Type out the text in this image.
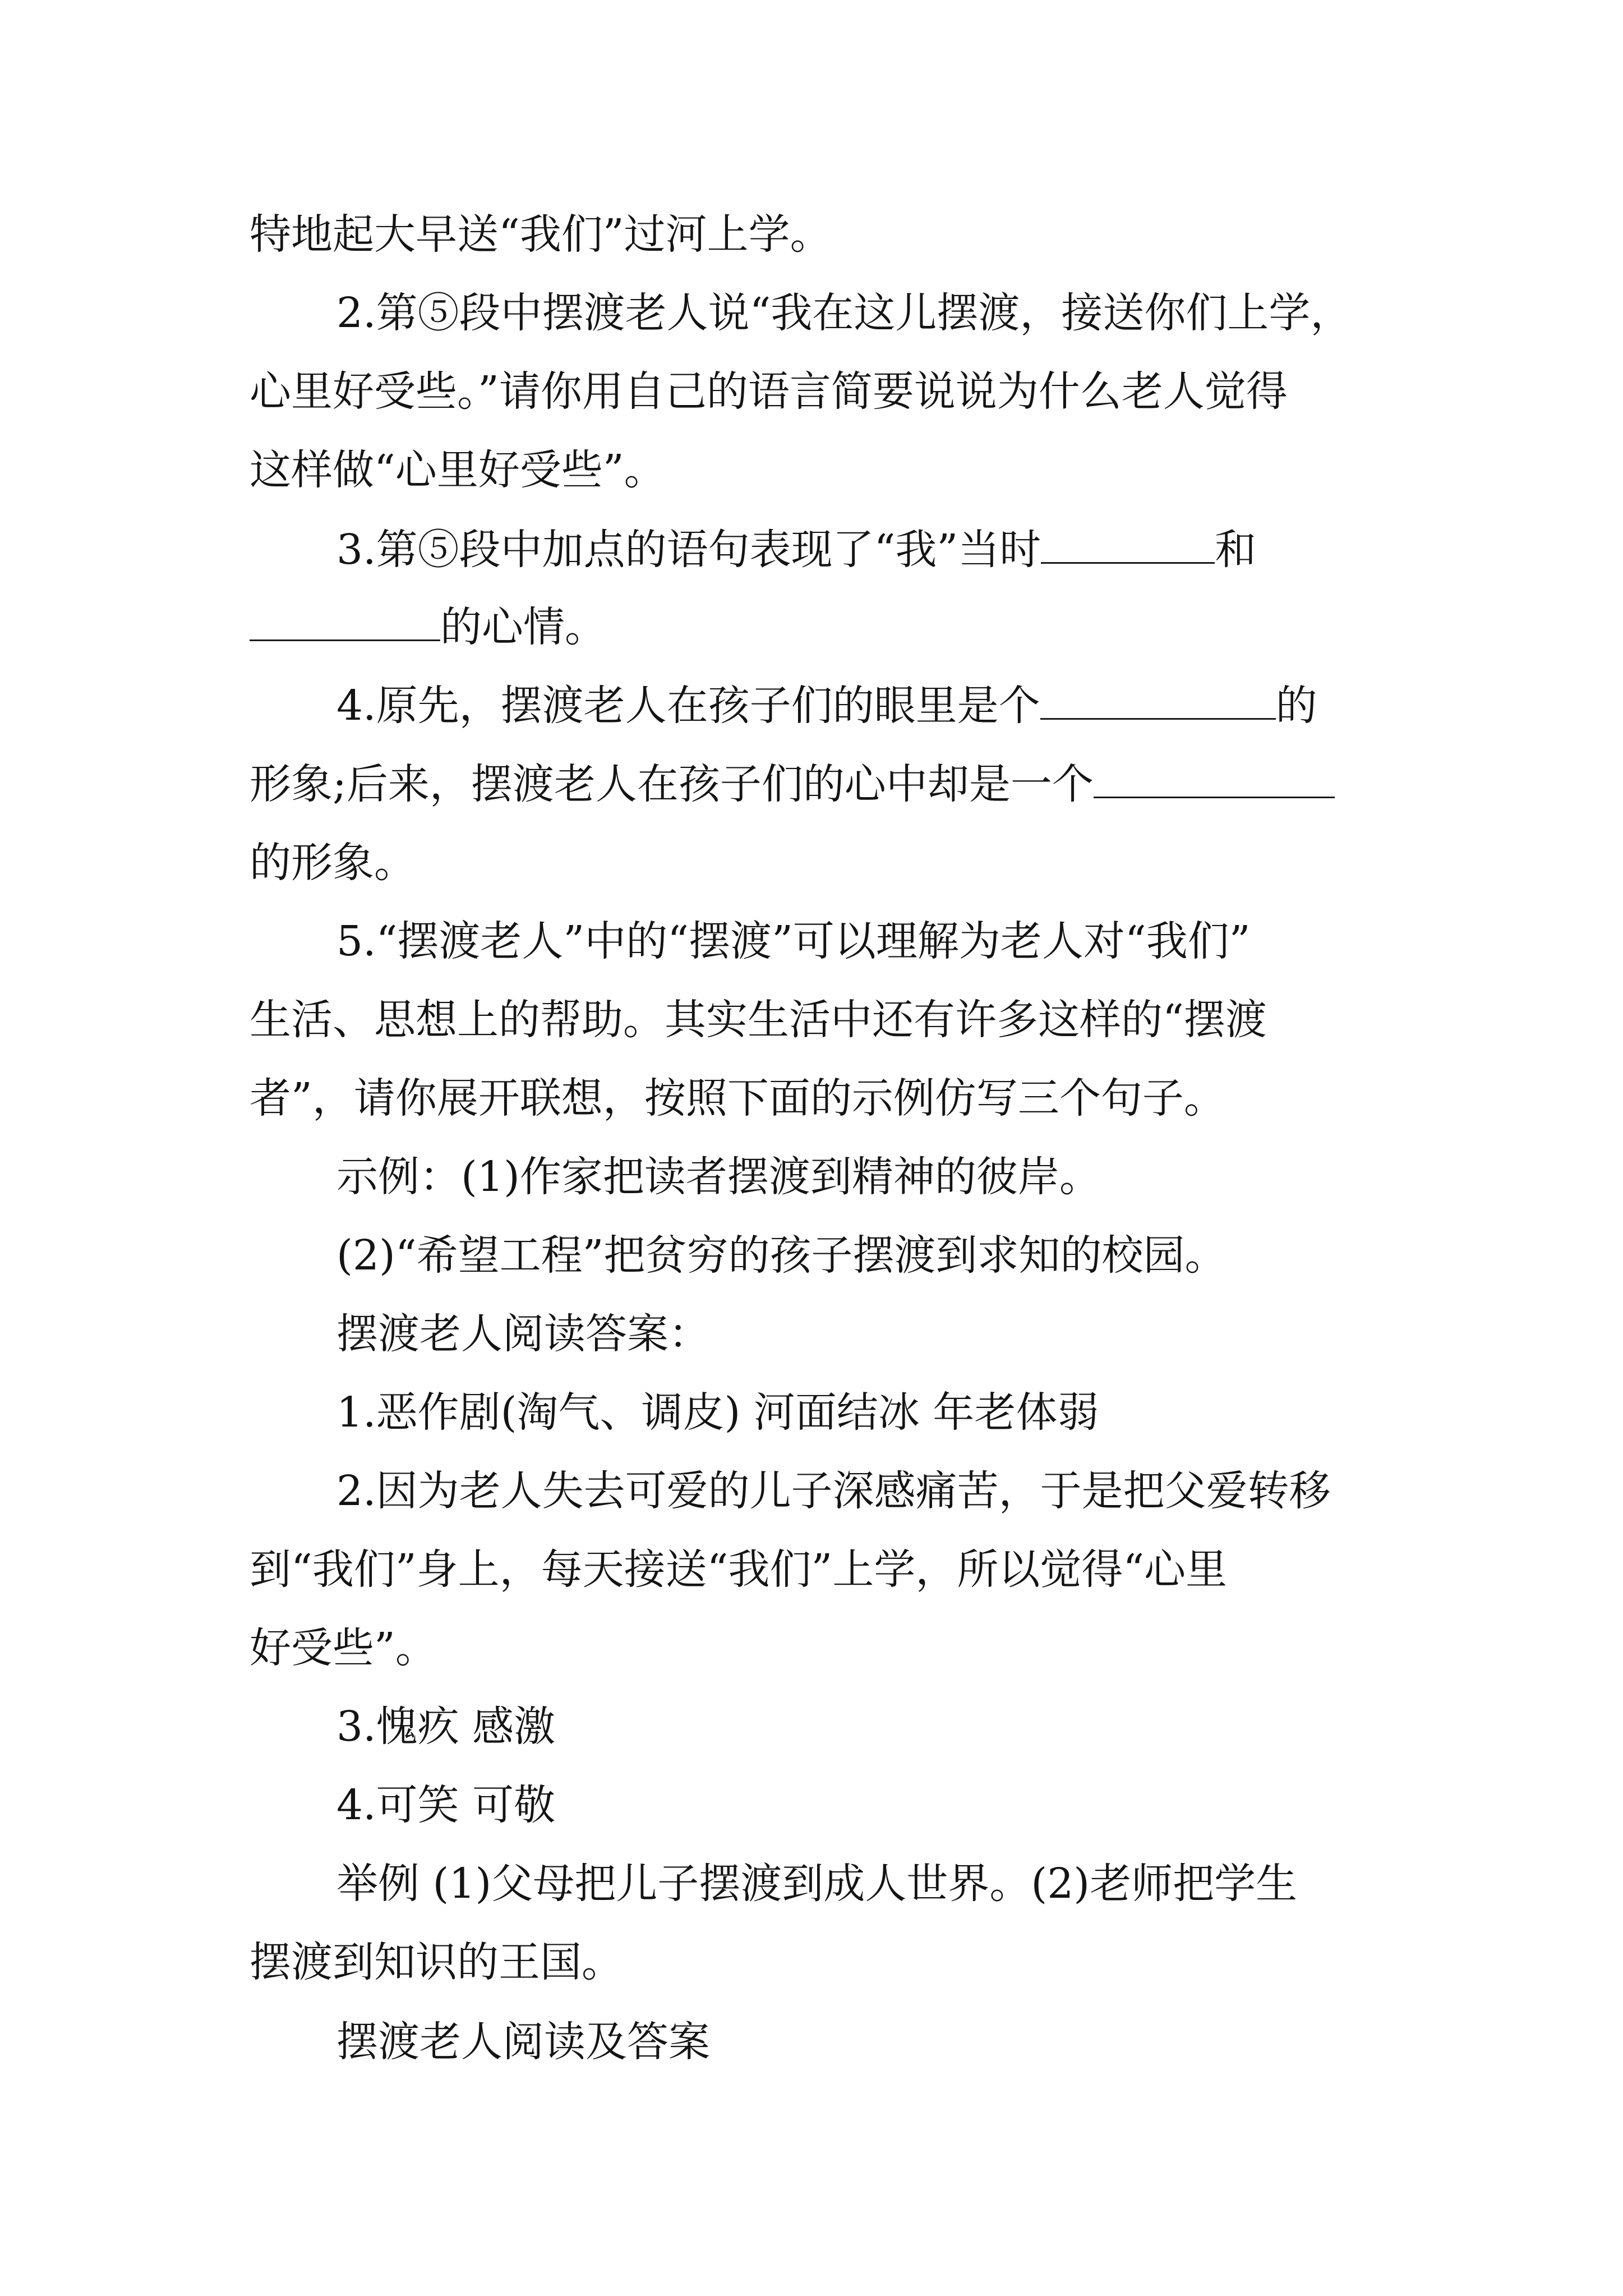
特地起大早送“我们”过河上学。
2.第⑤段中摆渡老人说“我在这儿摆渡，接送你们上学，
心里好受些。”请你用自己的语言简要说说为什么老人觉得
这样做“心里好受些”。
3.第⑤段中加点的语句表现了“我”当时	和
的心情。
4.原先，摆渡老人在孩子们的眼里是个	的
形象;后来，摆渡老人在孩子们的心中却是一个
的形象。
5.“摆渡老人”中的“摆渡”可以理解为老人对“我们”
生活、思想上的帮助。其实生活中还有许多这样的“摆渡
者”，请你展开联想，按照下面的示例仿写三个句子。
示例：(1)作家把读者摆渡到精神的彼岸。
(2)“希望工程”把贫穷的孩子摆渡到求知的校园。
摆渡老人阅读答案：
1.恶作剧(淘气、调皮) 河面结冰 年老体弱
2.因为老人失去可爱的儿子深感痛苦，于是把父爱转移
到“我们”身上，每天接送“我们”上学，所以觉得“心里
好受些”。
3.愧疚 感激
4.可笑 可敬
举例 (1)父母把儿子摆渡到成人世界。(2)老师把学生
摆渡到知识的王国。
摆渡老人阅读及答案
